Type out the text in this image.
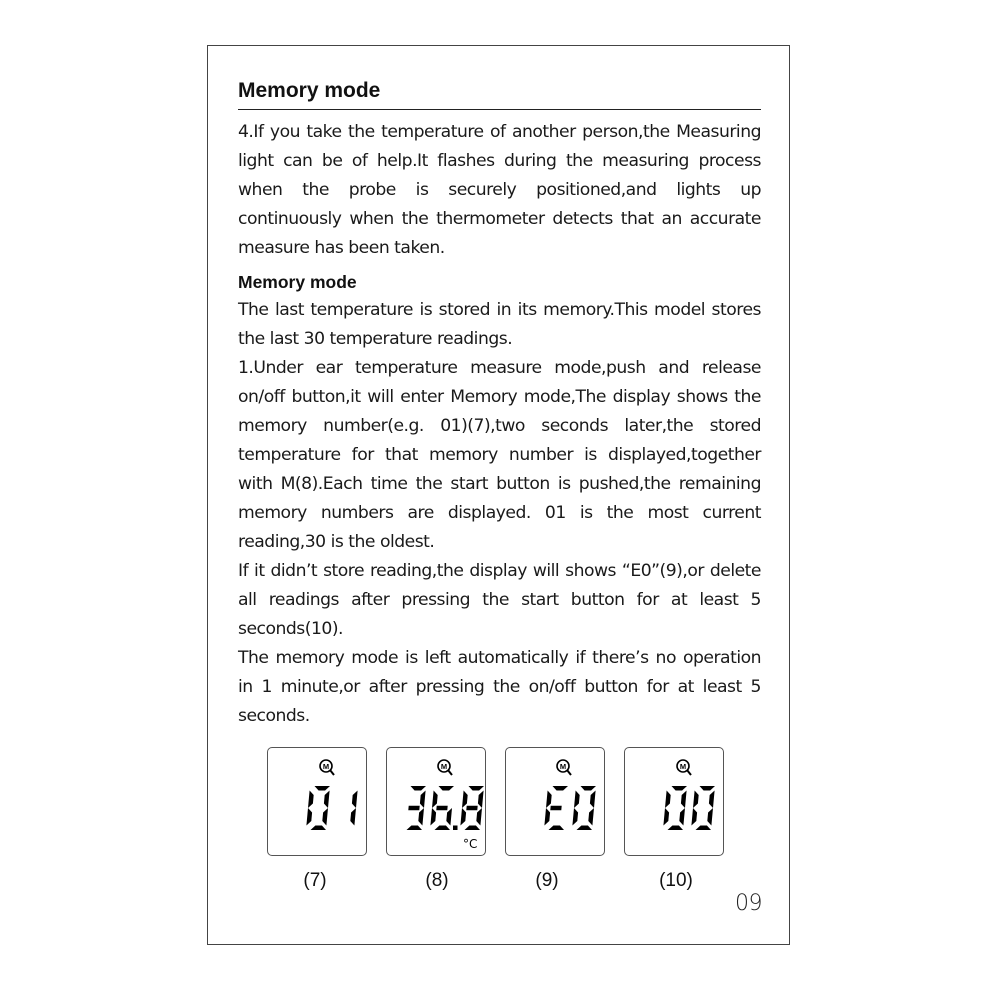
Memory mode

4.If you take the temperature of another person,the Measuring light can be of help.It flashes during the measuring process when the probe is securely positioned,and lights up continuously when the thermometer detects that an accurate measure has been taken.

Memory mode

The last temperature is stored in its memory.This model stores the last 30 temperature readings.

1.Under ear temperature measure mode,push and release on/off button,it will enter Memory mode,The display shows the memory number(e.g. 01)(7),two seconds later,the stored temperature for that memory number is displayed,together with M(8).Each time the start button is pushed,the remaining memory numbers are displayed. 01 is the most current reading,30 is the oldest.

If it didn’t store reading,the display will shows “E0”(9),or delete all readings after pressing the start button for at least 5 seconds(10).

The memory mode is left automatically if there’s no operation in 1 minute,or after pressing the on/off button for at least 5 seconds.

M
(7)
M
°C
(8)
M
(9)
M
(10)
09
